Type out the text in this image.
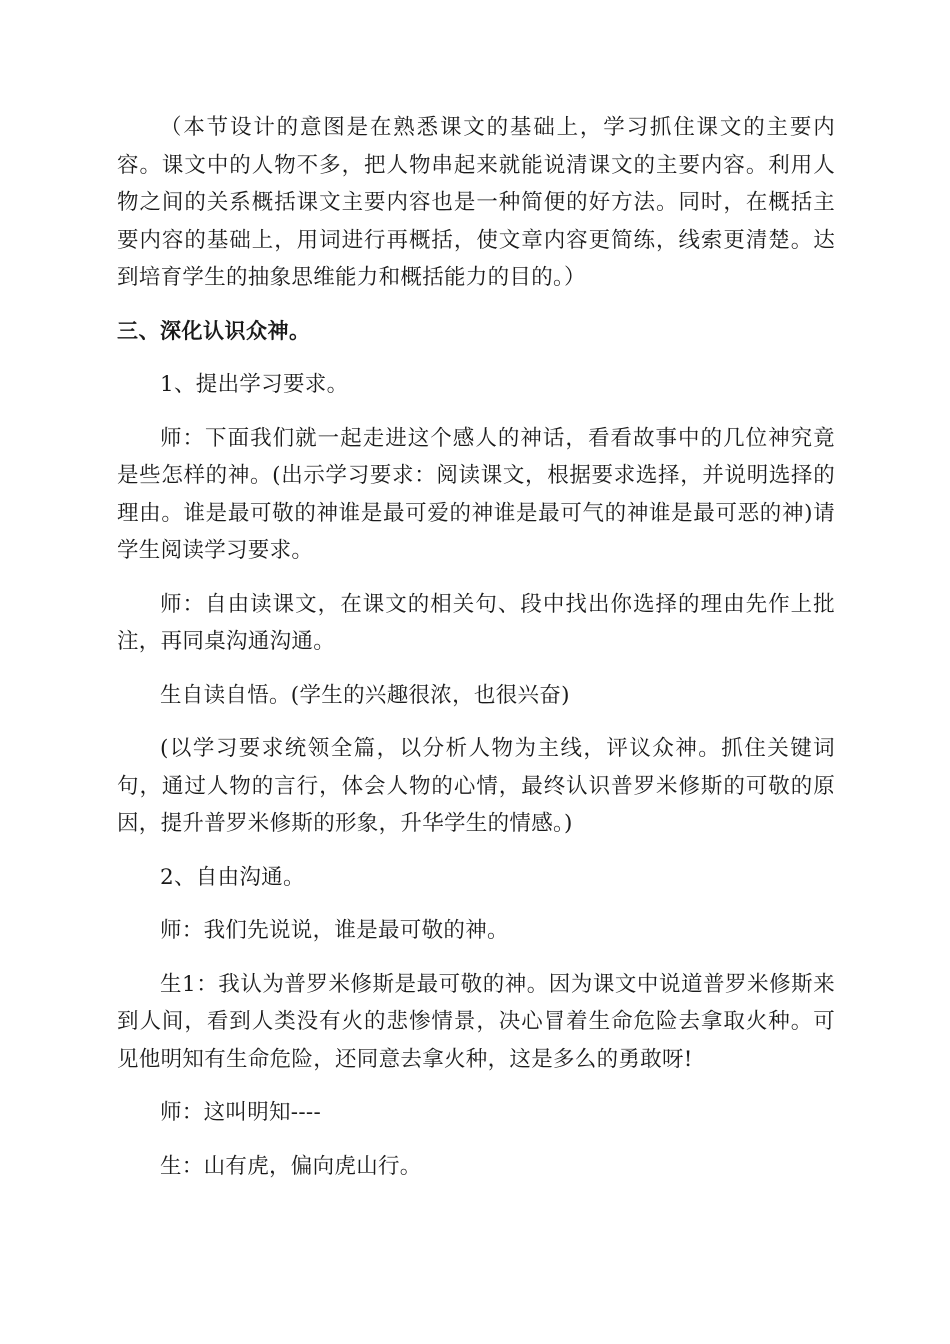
（本节设计的意图是在熟悉课文的基础上，学习抓住课文的主要内容。课文中的人物不多，把人物串起来就能说清课文的主要内容。利用人物之间的关系概括课文主要内容也是一种简便的好方法。同时，在概括主要内容的基础上，用词进行再概括，使文章内容更简练，线索更清楚。达到培育学生的抽象思维能力和概括能力的目的。）

三、深化认识众神。

1、提出学习要求。

师：下面我们就一起走进这个感人的神话，看看故事中的几位神究竟是些怎样的神。(出示学习要求：阅读课文，根据要求选择，并说明选择的理由。谁是最可敬的神谁是最可爱的神谁是最可气的神谁是最可恶的神)请学生阅读学习要求。

师：自由读课文，在课文的相关句、段中找出你选择的理由先作上批注，再同桌沟通沟通。

生自读自悟。(学生的兴趣很浓，也很兴奋)

(以学习要求统领全篇，以分析人物为主线，评议众神。抓住关键词句，通过人物的言行，体会人物的心情，最终认识普罗米修斯的可敬的原因，提升普罗米修斯的形象，升华学生的情感。)

2、自由沟通。

师：我们先说说，谁是最可敬的神。

生1：我认为普罗米修斯是最可敬的神。因为课文中说道普罗米修斯来到人间，看到人类没有火的悲惨情景，决心冒着生命危险去拿取火种。可见他明知有生命危险，还同意去拿火种，这是多么的勇敢呀!

师：这叫明知----

生：山有虎，偏向虎山行。
